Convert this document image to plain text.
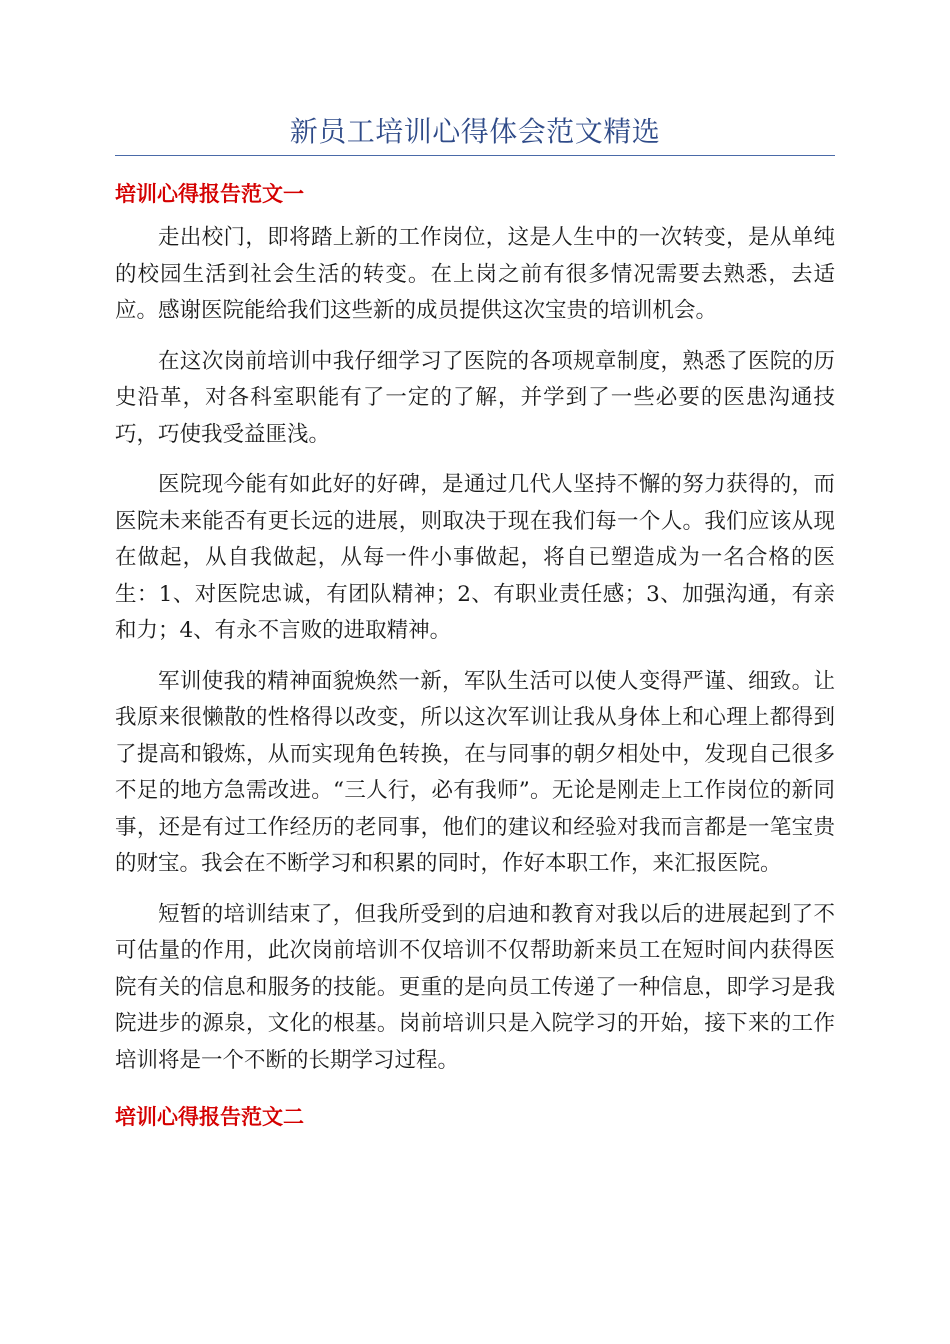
新员工培训心得体会范文精选
培训心得报告范文一

走出校门，即将踏上新的工作岗位，这是人生中的一次转变，是从单纯的校园生活到社会生活的转变。在上岗之前有很多情况需要去熟悉，去适应。感谢医院能给我们这些新的成员提供这次宝贵的培训机会。

在这次岗前培训中我仔细学习了医院的各项规章制度，熟悉了医院的历史沿革，对各科室职能有了一定的了解，并学到了一些必要的医患沟通技巧，巧使我受益匪浅。

医院现今能有如此好的好碑，是通过几代人坚持不懈的努力获得的，而医院未来能否有更长远的进展，则取决于现在我们每一个人。我们应该从现在做起，从自我做起，从每一件小事做起，将自已塑造成为一名合格的医生：1、对医院忠诚，有团队精神；2、有职业责任感；3、加强沟通，有亲和力；4、有永不言败的进取精神。

军训使我的精神面貌焕然一新，军队生活可以使人变得严谨、细致。让我原来很懒散的性格得以改变，所以这次军训让我从身体上和心理上都得到了提高和锻炼，从而实现角色转换，在与同事的朝夕相处中，发现自己很多不足的地方急需改进。“三人行，必有我师”。无论是刚走上工作岗位的新同事，还是有过工作经历的老同事，他们的建议和经验对我而言都是一笔宝贵的财宝。我会在不断学习和积累的同时，作好本职工作，来汇报医院。

短暂的培训结束了，但我所受到的启迪和教育对我以后的进展起到了不可估量的作用，此次岗前培训不仅培训不仅帮助新来员工在短时间内获得医院有关的信息和服务的技能。更重的是向员工传递了一种信息，即学习是我院进步的源泉，文化的根基。岗前培训只是入院学习的开始，接下来的工作培训将是一个不断的长期学习过程。

培训心得报告范文二
